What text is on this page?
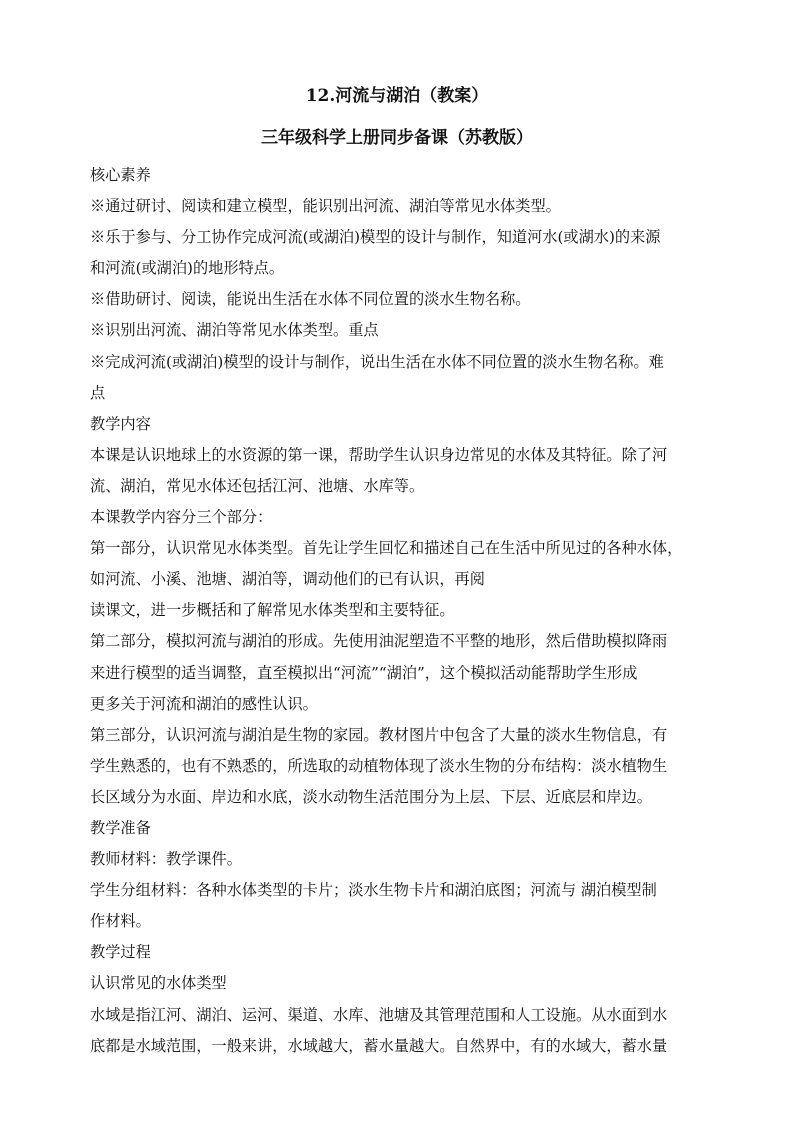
12.河流与湖泊（教案）
三年级科学上册同步备课（苏教版）

核心素养

※通过研讨、阅读和建立模型，能识别出河流、湖泊等常见水体类型。

※乐于参与、分工协作完成河流(或湖泊)模型的设计与制作，知道河水(或湖水)的来源

和河流(或湖泊)的地形特点。

※借助研讨、阅读，能说出生活在水体不同位置的淡水生物名称。

※识别出河流、湖泊等常见水体类型。重点

※完成河流(或湖泊)模型的设计与制作，说出生活在水体不同位置的淡水生物名称。难

点

教学内容

本课是认识地球上的水资源的第一课，帮助学生认识身边常见的水体及其特征。除了河

流、湖泊，常见水体还包括江河、池塘、水库等。

本课教学内容分三个部分：

第一部分，认识常见水体类型。首先让学生回忆和描述自己在生活中所见过的各种水体，

如河流、小溪、池塘、湖泊等，调动他们的已有认识，再阅

读课文，进一步概括和了解常见水体类型和主要特征。

第二部分，模拟河流与湖泊的形成。先使用油泥塑造不平整的地形，然后借助模拟降雨

来进行模型的适当调整，直至模拟出“河流”“湖泊”，这个模拟活动能帮助学生形成

更多关于河流和湖泊的感性认识。

第三部分，认识河流与湖泊是生物的家园。教材图片中包含了大量的淡水生物信息，有

学生熟悉的，也有不熟悉的，所选取的动植物体现了淡水生物的分布结构：淡水植物生

长区域分为水面、岸边和水底，淡水动物生活范围分为上层、下层、近底层和岸边。

教学准备

教师材料：教学课件。

学生分组材料：各种水体类型的卡片；淡水生物卡片和湖泊底图；河流与 湖泊模型制

作材料。

教学过程

认识常见的水体类型

水域是指江河、湖泊、运河、渠道、水库、池塘及其管理范围和人工设施。从水面到水

底都是水域范围，一般来讲，水域越大，蓄水量越大。自然界中，有的水域大，蓄水量
